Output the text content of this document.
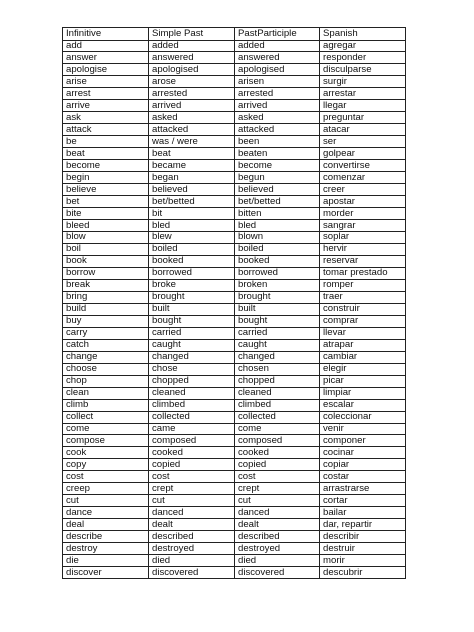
Infinitive	Simple Past	PastParticiple	Spanish
add	added	added	agregar
answer	answered	answered	responder
apologise	apologised	apologised	disculparse
arise	arose	arisen	surgir
arrest	arrested	arrested	arrestar
arrive	arrived	arrived	llegar
ask	asked	asked	preguntar
attack	attacked	attacked	atacar
be	was / were	been	ser
beat	beat	beaten	golpear
become	became	become	convertirse
begin	began	begun	comenzar
believe	believed	believed	creer
bet	bet/betted	bet/betted	apostar
bite	bit	bitten	morder
bleed	bled	bled	sangrar
blow	blew	blown	soplar
boil	boiled	boiled	hervir
book	booked	booked	reservar
borrow	borrowed	borrowed	tomar prestado
break	broke	broken	romper
bring	brought	brought	traer
build	built	built	construir
buy	bought	bought	comprar
carry	carried	carried	llevar
catch	caught	caught	atrapar
change	changed	changed	cambiar
choose	chose	chosen	elegir
chop	chopped	chopped	picar
clean	cleaned	cleaned	limpiar
climb	climbed	climbed	escalar
collect	collected	collected	coleccionar
come	came	come	venir
compose	composed	composed	componer
cook	cooked	cooked	cocinar
copy	copied	copied	copiar
cost	cost	cost	costar
creep	crept	crept	arrastrarse
cut	cut	cut	cortar
dance	danced	danced	bailar
deal	dealt	dealt	dar, repartir
describe	described	described	describir
destroy	destroyed	destroyed	destruir
die	died	died	morir
discover	discovered	discovered	descubrir
